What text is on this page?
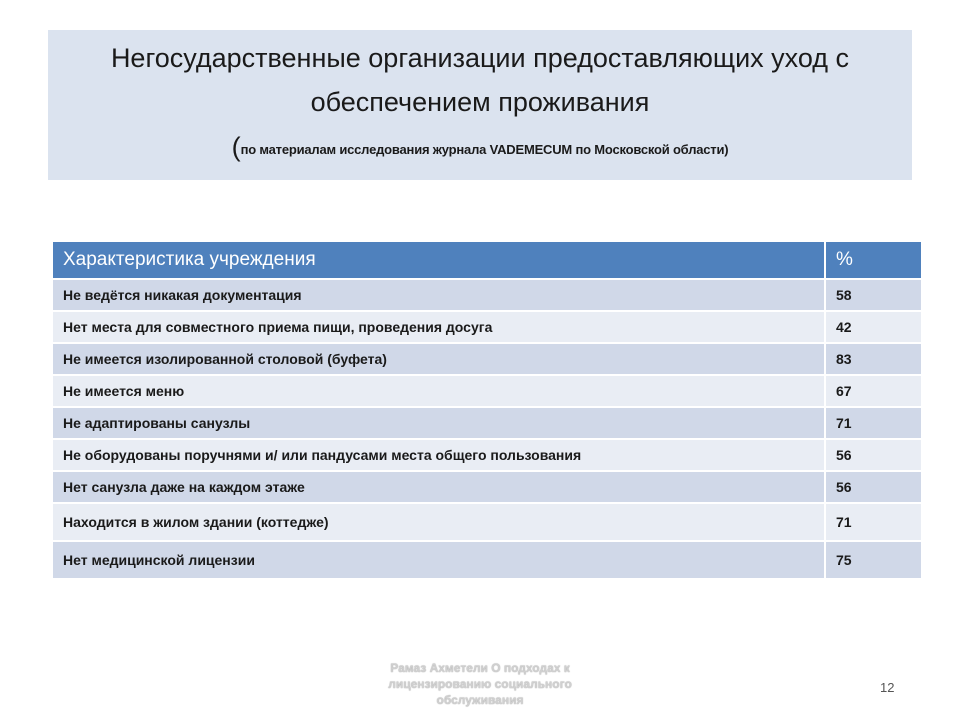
Негосударственные организации предоставляющих уход с
обеспечением проживания
(по материалам исследования журнала VADEMECUM по Московской области)
Характеристика учреждения	%
Не ведётся никакая документация	58
Нет места для совместного приема пищи, проведения досуга	42
Не имеется изолированной столовой (буфета)	83
Не имеется меню	67
Не адаптированы санузлы	71
Не оборудованы поручнями и/ или пандусами места общего пользования	56
Нет санузла даже на каждом этаже	56
Находится в жилом здании (коттедже)	71
Нет медицинской лицензии	75
Рамаз Ахметели О подходах к
лицензированию социального
обслуживания
12
